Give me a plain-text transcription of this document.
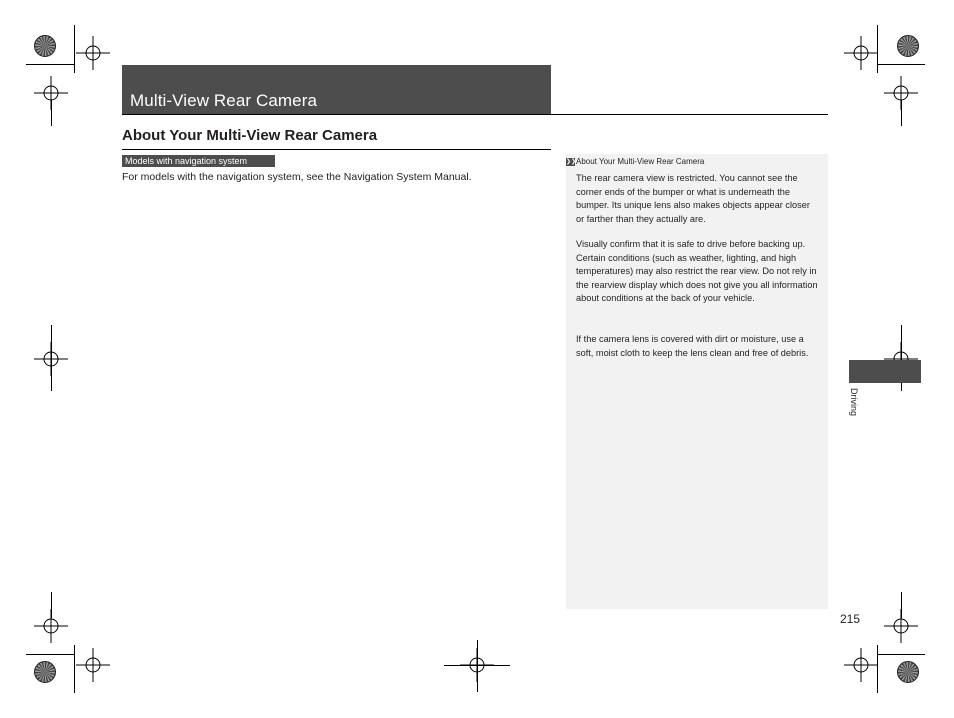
Multi-View Rear Camera
About Your Multi-View Rear Camera
Models with navigation system
For models with the navigation system, see the Navigation System Manual.
❯❯ About Your Multi-View Rear Camera
The rear camera view is restricted. You cannot see the corner ends of the bumper or what is underneath the bumper. Its unique lens also makes objects appear closer or farther than they actually are.
Visually confirm that it is safe to drive before backing up. Certain conditions (such as weather, lighting, and high temperatures) may also restrict the rear view. Do not rely in the rearview display which does not give you all information about conditions at the back of your vehicle.
If the camera lens is covered with dirt or moisture, use a soft, moist cloth to keep the lens clean and free of debris.
Driving
215
